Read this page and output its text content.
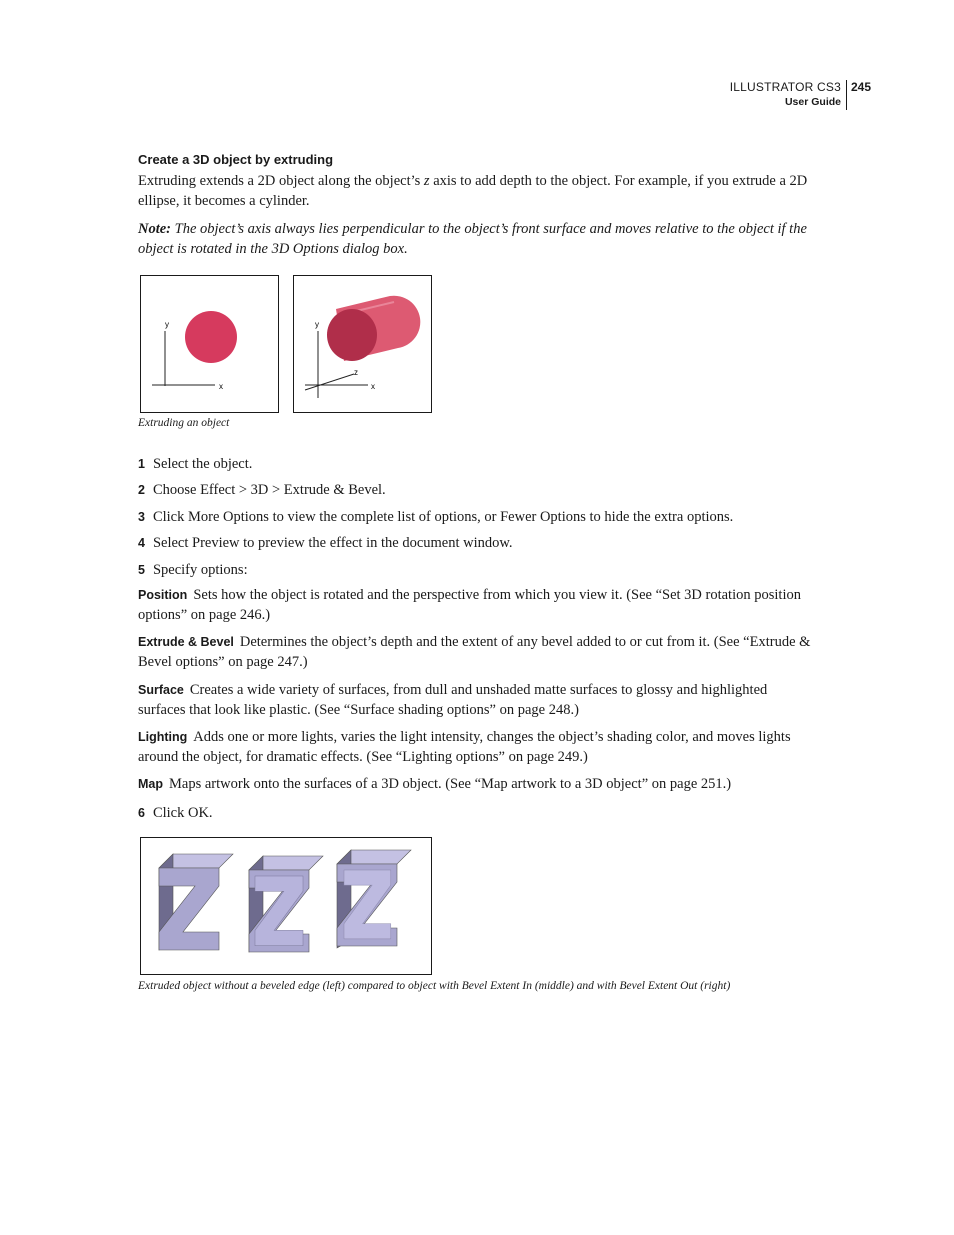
ILLUSTRATOR CS3
User Guide
245
Create a 3D object by extruding
Extruding extends a 2D object along the object’s z axis to add depth to the object. For example, if you extrude a 2D ellipse, it becomes a cylinder.
Note: The object’s axis always lies perpendicular to the object’s front surface and moves relative to the object if the object is rotated in the 3D Options dialog box.
y
x
y
z
x
Extruding an object
1 Select the object.
2 Choose Effect > 3D > Extrude & Bevel.
3 Click More Options to view the complete list of options, or Fewer Options to hide the extra options.
4 Select Preview to preview the effect in the document window.
5 Specify options:
Position Sets how the object is rotated and the perspective from which you view it. (See “Set 3D rotation position options” on page 246.)
Extrude & Bevel Determines the object’s depth and the extent of any bevel added to or cut from it. (See “Extrude & Bevel options” on page 247.)
Surface Creates a wide variety of surfaces, from dull and unshaded matte surfaces to glossy and highlighted surfaces that look like plastic. (See “Surface shading options” on page 248.)
Lighting Adds one or more lights, varies the light intensity, changes the object’s shading color, and moves lights around the object, for dramatic effects. (See “Lighting options” on page 249.)
Map Maps artwork onto the surfaces of a 3D object. (See “Map artwork to a 3D object” on page 251.)
6 Click OK.
Extruded object without a beveled edge (left) compared to object with Bevel Extent In (middle) and with Bevel Extent Out (right)
